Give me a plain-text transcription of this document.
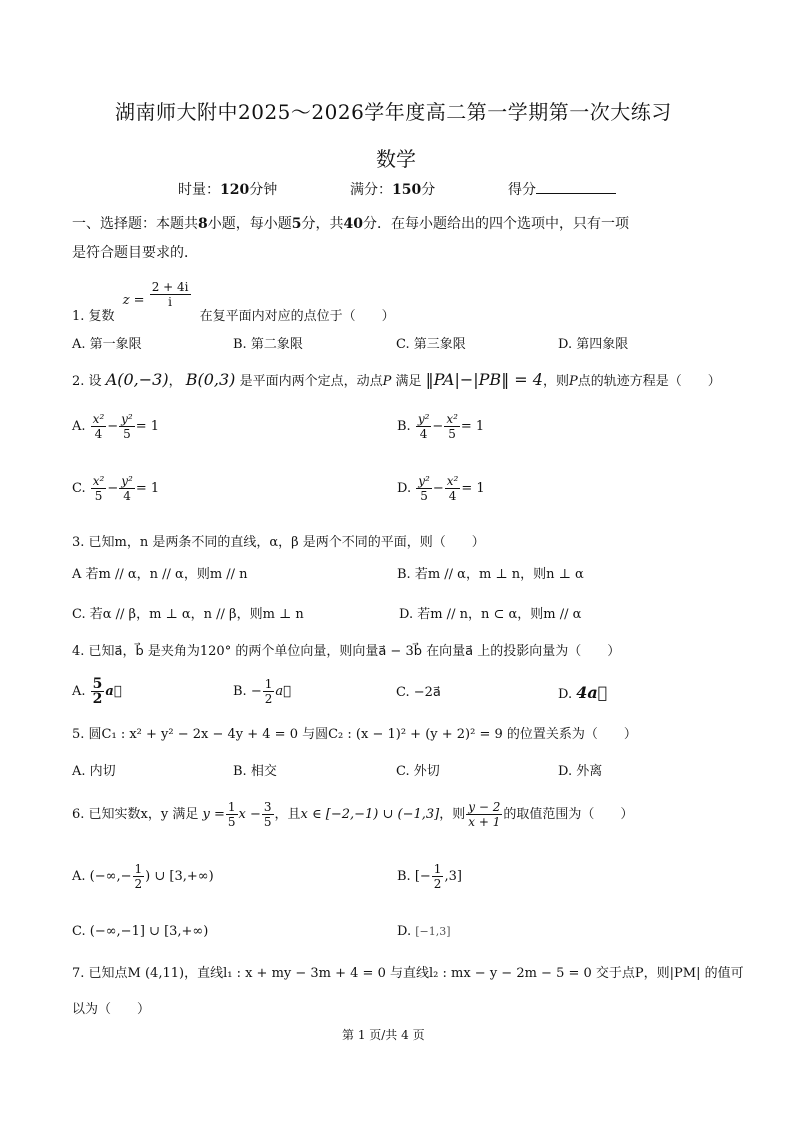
湖南师大附中2025～2026学年度高二第一学期第一次大练习
数学
时量：120分钟	满分：150分	得分
一、选择题：本题共8小题，每小题5分，共40分．在每小题给出的四个选项中，只有一项
是符合题目要求的．
1. 复数 $z = \frac{2 + 4i}{i}$
在复平面内对应的点位于（　　）
A. 第一象限	B. 第二象限	C. 第三象限	D. 第四象限
2. 设 A(0,−3)， B(0,3) 是平面内两个定点，动点P 满足 ‖PA|−|PB‖ = 4，则P点的轨迹方程是（　　）
A. $\frac{\text{x²}}{4} - \frac{\text{y²}}{5} = 1$	B. $\frac{\text{y²}}{4} - \frac{\text{x²}}{5} = 1$
C. $\frac{\text{x²}}{5} - \frac{\text{y²}}{4} = 1$	D. $\frac{\text{y²}}{5} - \frac{\text{x²}}{4} = 1$
3. 已知m，n 是两条不同的直线，α，β 是两个不同的平面，则（　　）
A 若m // α，n // α，则m // n	B. 若m // α，m ⊥ n，则n ⊥ α
C. 若α // β，m ⊥ α，n // β，则m ⊥ n	D. 若m // n，n ⊂ α，则m // α
4. 已知a⃗，b⃗ 是夹角为120° 的两个单位向量，则向量a⃗ − 3b⃗ 在向量a⃗ 上的投影向量为（　　）
A. $\frac{5}{2}$ a⃗	B. − $\frac{1}{2}$ a⃗	C. −2a⃗	D. 4a⃗
5. 圆C₁ : x² + y² − 2x − 4y + 4 = 0 与圆C₂ : (x − 1)² + (y + 2)² = 9 的位置关系为（　　）
A. 内切	B. 相交	C. 外切	D. 外离
6. 已知实数x，y 满足 $y = \frac{1}{5}$ $x - \frac{3}{5}$ ，且x ∈ [−2,−1) ∪ (−1,3]，则 $\frac{y - 2}{x + 1}$ 的取值范围为（　　）
A. (−∞,− $\frac{1}{2}$ ) ∪ [3,+∞)	B. [− $\frac{1}{2} ,3$]
C. (−∞,−1] ∪ [3,+∞)	D. [−1,3]
7. 已知点M (4,11)，直线l₁ : x + my − 3m + 4 = 0 与直线l₂ : mx − y − 2m − 5 = 0 交于点P，则|PM| 的值可
以为（　　）
第 1 页/共 4 页
